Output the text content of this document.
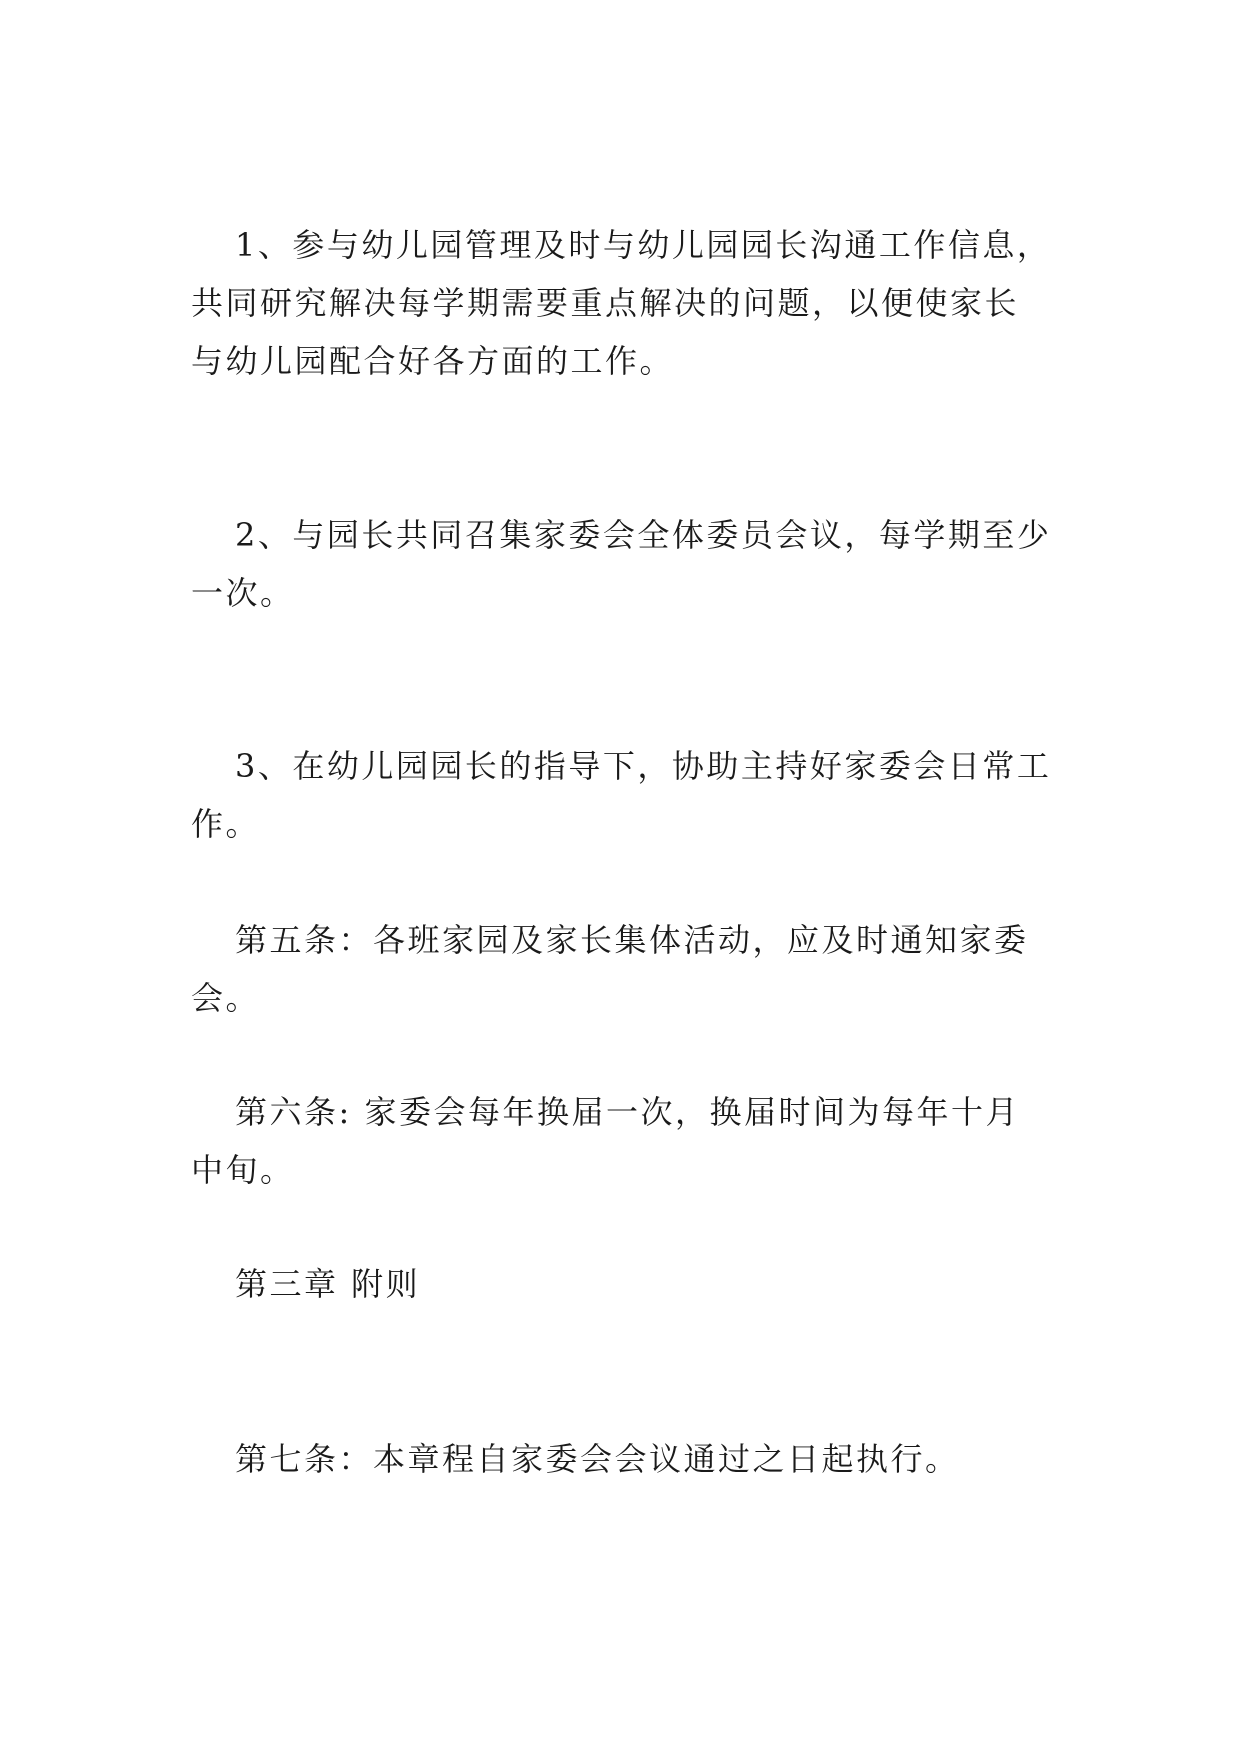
1、参与幼儿园管理及时与幼儿园园长沟通工作信息，共同研究解决每学期需要重点解决的问题，以便使家长与幼儿园配合好各方面的工作。

2、与园长共同召集家委会全体委员会议，每学期至少一次。

3、在幼儿园园长的指导下，协助主持好家委会日常工作。

第五条：各班家园及家长集体活动，应及时通知家委会。

第六条: 家委会每年换届一次，换届时间为每年十月中旬。

第三章 附则

第七条：本章程自家委会会议通过之日起执行。
